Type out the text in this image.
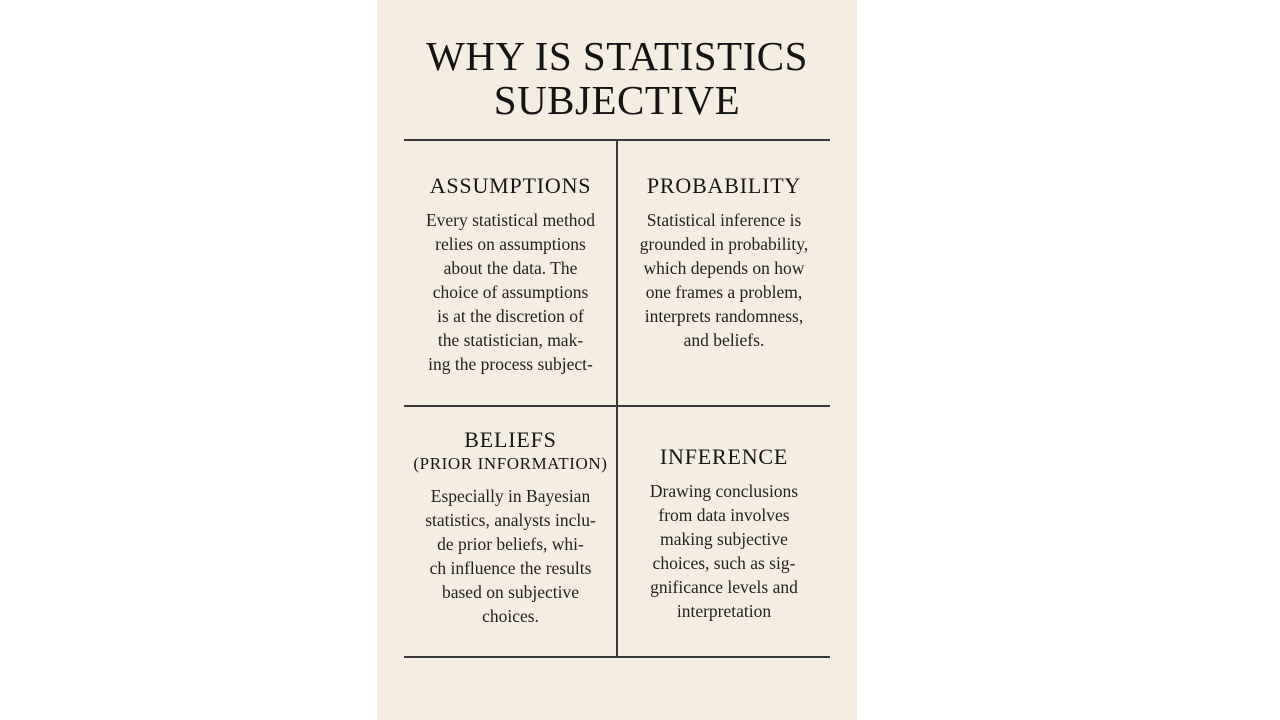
WHY IS STATISTICS
SUBJECTIVE
ASSUMPTIONS

Every statistical method
relies on assumptions
about the data. The
choice of assumptions
is at the discretion of
the statistician, mak-
ing the process subject-

PROBABILITY

Statistical inference is
grounded in probability,
which depends on how
one frames a problem,
interprets randomness,
and beliefs.

BELIEFS
(PRIOR INFORMATION)

Especially in Bayesian
statistics, analysts inclu-
de prior beliefs, whi-
ch influence the results
based on subjective
choices.

INFERENCE

Drawing conclusions
from data involves
making subjective
choices, such as sig-
gnificance levels and
interpretation
